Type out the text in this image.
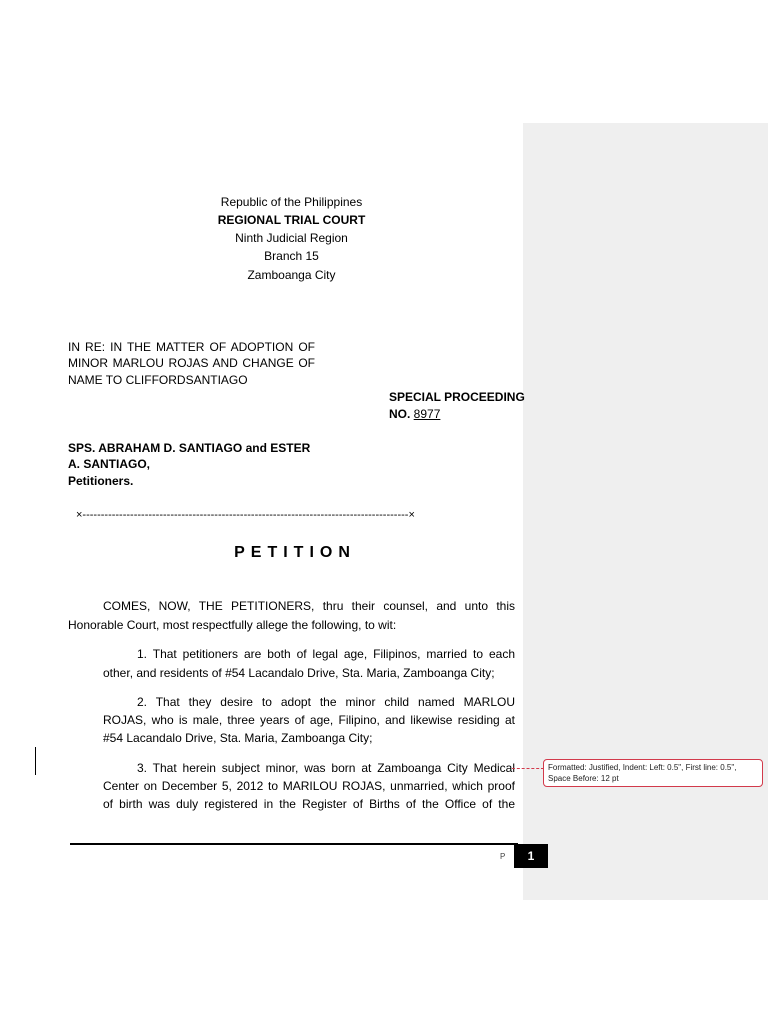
Republic of the Philippines
REGIONAL TRIAL COURT
Ninth Judicial Region
Branch 15
Zamboanga City
IN RE: IN THE MATTER OF ADOPTION OF
MINOR MARLOU ROJAS AND CHANGE OF
NAME TO CLIFFORDSANTIAGO
SPECIAL PROCEEDING
NO. 8977
SPS. ABRAHAM D. SANTIAGO and ESTER
A. SANTIAGO,
Petitioners.
×-----------------------------------------------------------------------------------------×
PETITION
COMES, NOW, THE PETITIONERS, thru their counsel, and unto this
Honorable Court, most respectfully allege the following, to wit:
1. That petitioners are both of legal age, Filipinos, married to each
other, and residents of #54 Lacandalo Drive, Sta. Maria, Zamboanga City;
2. That they desire to adopt the minor child named MARLOU
ROJAS, who is male, three years of age, Filipino, and likewise residing at
#54 Lacandalo Drive, Sta. Maria, Zamboanga City;
3. That herein subject minor, was born at Zamboanga City Medical
Center on December 5, 2012 to MARILOU ROJAS, unmarried, which proof
of birth was duly registered in the Register of Births of the Office of the
P	1
Formatted: Justified, Indent: Left: 0.5", First line: 0.5",
Space Before: 12 pt
